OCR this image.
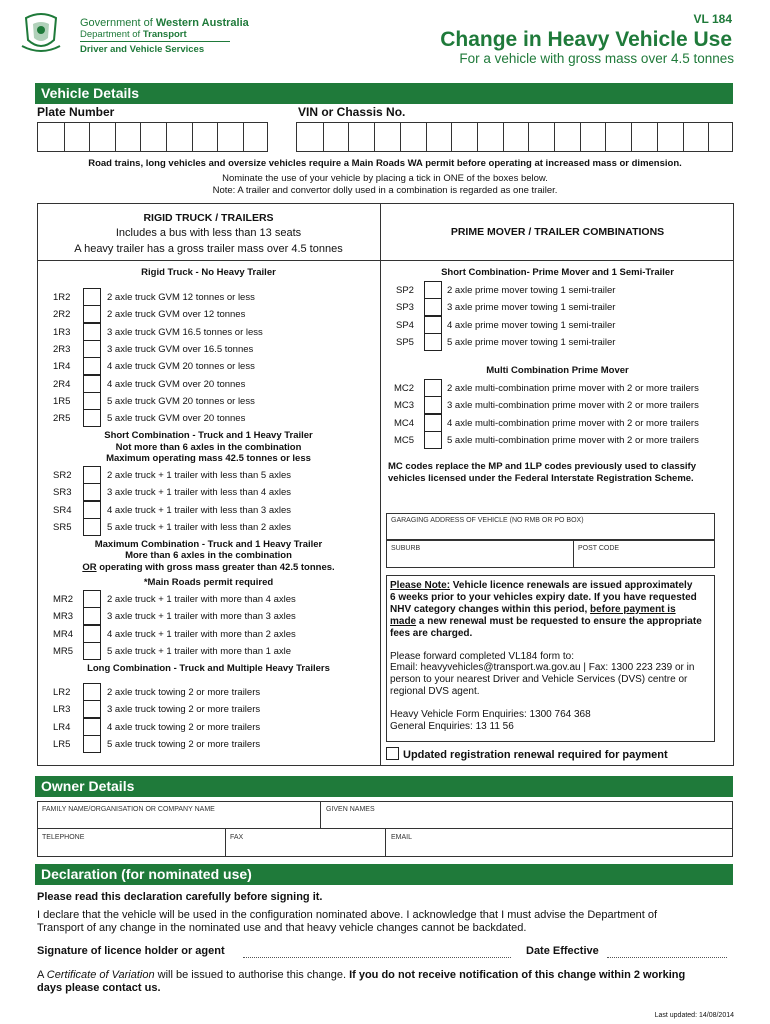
Government of Western Australia
Department of Transport
Driver and Vehicle Services
VL 184
Change in Heavy Vehicle Use
For a vehicle with gross mass over 4.5 tonnes
Vehicle Details
Plate Number	VIN or Chassis No.
Road trains, long vehicles and oversize vehicles require a Main Roads WA permit before operating at increased mass or dimension.
Nominate the use of your vehicle by placing a tick in ONE of the boxes below.
Note: A trailer and convertor dolly used in a combination is regarded as one trailer.
RIGID TRUCK / TRAILERS
Includes a bus with less than 13 seats
A heavy trailer has a gross trailer mass over 4.5 tonnes
PRIME MOVER / TRAILER COMBINATIONS
Rigid Truck - No Heavy Trailer
1R2	2 axle truck GVM 12 tonnes or less
2R2	2 axle truck GVM over 12 tonnes
1R3	3 axle truck GVM 16.5 tonnes or less
2R3	3 axle truck GVM over 16.5 tonnes
1R4	4 axle truck GVM 20 tonnes or less
2R4	4 axle truck GVM over 20 tonnes
1R5	5 axle truck GVM 20 tonnes or less
2R5	5 axle truck GVM over 20 tonnes
Short Combination - Truck and 1 Heavy Trailer
Not more than 6 axles in the combination
Maximum operating mass 42.5 tonnes or less
SR2	2 axle truck + 1 trailer with less than 5 axles
SR3	3 axle truck + 1 trailer with less than 4 axles
SR4	4 axle truck + 1 trailer with less than 3 axles
SR5	5 axle truck + 1 trailer with less than 2 axles
Maximum Combination - Truck and 1 Heavy Trailer
More than 6 axles in the combination
OR operating with gross mass greater than 42.5 tonnes.
*Main Roads permit required
MR2	2 axle truck + 1 trailer with more than 4 axles
MR3	3 axle truck + 1 trailer with more than 3 axles
MR4	4 axle truck + 1 trailer with more than 2 axles
MR5	5 axle truck + 1 trailer with more than 1 axle
Long Combination - Truck and Multiple Heavy Trailers
LR2	2 axle truck towing 2 or more trailers
LR3	3 axle truck towing 2 or more trailers
LR4	4 axle truck towing 2 or more trailers
LR5	5 axle truck towing 2 or more trailers
Short Combination- Prime Mover and 1 Semi-Trailer
SP2	2 axle prime mover towing 1 semi-trailer
SP3	3 axle prime mover towing 1 semi-trailer
SP4	4 axle prime mover towing 1 semi-trailer
SP5	5 axle prime mover towing 1 semi-trailer
Multi Combination Prime Mover
MC2	2 axle multi-combination prime mover with 2 or more trailers
MC3	3 axle multi-combination prime mover with 2 or more trailers
MC4	4 axle multi-combination prime mover with 2 or more trailers
MC5	5 axle multi-combination prime mover with 2 or more trailers
MC codes replace the MP and 1LP codes previously used to classify
vehicles licensed under the Federal Interstate Registration Scheme.
GARAGING ADDRESS OF VEHICLE (NO RMB OR PO BOX)
SUBURB	POST CODE
Please Note: Vehicle licence renewals are issued approximately
6 weeks prior to your vehicles expiry date. If you have requested
NHV category changes within this period, before payment is
made a new renewal must be requested to ensure the appropriate
fees are charged.
Please forward completed VL184 form to:
Email: heavyvehicles@transport.wa.gov.au | Fax: 1300 223 239 or in
person to your nearest Driver and Vehicle Services (DVS) centre or
regional DVS agent.
Heavy Vehicle Form Enquiries: 1300 764 368
General Enquiries: 13 11 56
Updated registration renewal required for payment
Owner Details
FAMILY NAME/ORGANISATION OR COMPANY NAME	GIVEN NAMES
TELEPHONE	FAX	EMAIL
Declaration (for nominated use)
Please read this declaration carefully before signing it.
I declare that the vehicle will be used in the configuration nominated above. I acknowledge that I must advise the Department of
Transport of any change in the nominated use and that heavy vehicle changes cannot be backdated.
Signature of licence holder or agent	Date Effective
A Certificate of Variation will be issued to authorise this change. If you do not receive notification of this change within 2 working
days please contact us.
Last updated: 14/08/2014
